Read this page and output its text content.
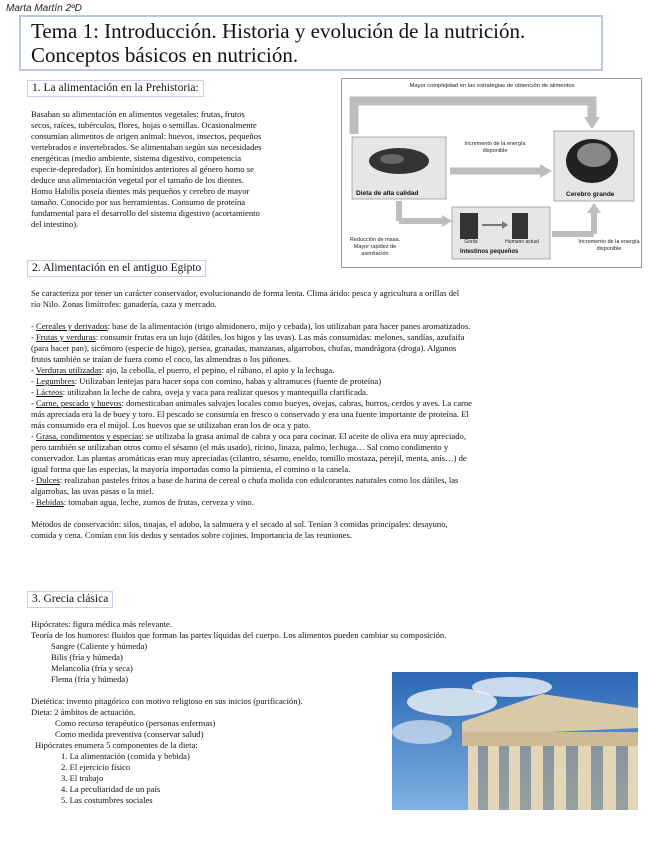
Marta Martín 2ºD
Tema 1: Introducción. Historia y evolución de la nutrición.
Conceptos básicos en nutrición.
1. La alimentación en la Prehistoria:

Basaban su alimentación en alimentos vegetales: frutas, frutos

secos, raíces, tubérculos, flores, hojas o semillas. Ocasionalmente

consumían alimentos de origen animal: huevos, insectos, pequeños

vertebrados e invertebrados. Se alimentaban según sus necesidades

energéticas (medio ambiente, sistema digestivo, competencia

especie-depredador). En homínidos anteriores al género homo se

deduce una alimentación vegetal por el tamaño de los dientes.

Homo Habilis poseía dientes más pequeños y cerebro de mayor

tamaño. Conocido por sus herramientas. Consumo de proteína

fundamental para el desarrollo del sistema digestivo (acortamiento

del intestino).

Mayor complejidad en las estrategias de obtención de alimentos
Dieta de alta calidad	Cerebro grande
Incremento de la energía disponible
Reducción de masa. Mayor rapidez de asimilación
Gorila	Humano actual
Intestinos pequeños
Incremento de la energía disponible
2. Alimentación en el antiguo Egipto

Se caracteriza por tener un carácter conservador, evolucionando de forma lenta. Clima árido: pesca y agricultura a orillas del

río Nilo. Zonas limítrofes: ganadería, caza y mercado.

- Cereales y derivados: base de la alimentación (trigo almidonero, mijo y cebada), los utilizaban para hacer panes aromatizados.

- Frutas y verduras: consumir frutas era un lujo (dátiles, los higos y las uvas). Las más consumidas: melones, sandías, azufaifa

(para hacer pan), sicómoro (especie de higo), persea, granadas, manzanas, algarrobos, chufas, mandrágora (droga). Algunos

frutos también se traían de fuera como el coco, las almendras o los piñones.

- Verduras utilizadas: ajo, la cebolla, el puerro, el pepino, el rábano, el apio y la lechuga.

- Legumbres: Utilizaban lentejas para hacer sopa con comino, habas y altramuces (fuente de proteína)

- Lácteos: utilizaban la leche de cabra, oveja y vaca para realizar quesos y mantequilla clarificada.

- Carne, pescado y huevos: domesticaban animales salvajes locales como bueyes, ovejas, cabras, burros, cerdos y aves. La carne

más apreciada era la de buey y toro. El pescado se consumía en fresco o conservado y era una fuente importante de proteína. El

más consumido era el mújol. Los huevos que se utilizaban eran los de oca y pato.

- Grasa, condimentos y especias: se utilizaba la grasa animal de cabra y oca para cocinar. El aceite de oliva era muy apreciado,

pero también se utilizaban otros como el sésamo (el más usado), ricino, linaza, palmo, lechuga… Sal como condimento y

conservador. Las plantas aromáticas eran muy apreciadas (cilantro, sésamo, eneldo, tomillo mostaza, perejil, menta, anís…) de

igual forma que las especias, la mayoría importadas como la pimienta, el comino o la canela.

- Dulces: realizaban pasteles fritos a base de harina de cereal o chufa molida con edulcorantes naturales como los dátiles, las

algarrobas, las uvas pasas o la miel.

- Bebidas: tomaban agua, leche, zumos de frutas, cerveza y vino.

Métodos de conservación: silos, tinajas, el adobo, la salmuera y el secado al sol. Tenían 3 comidas principales: desayuno,

comida y cena. Comían con los dedos y sentados sobre cojines. Importancia de las reuniones.

3. Grecia clásica

Hipócrates: figura médica más relevante.

Teoría de los humores: fluidos que forman las partes líquidas del cuerpo. Los alimentos pueden cambiar su composición.

Sangre (Caliente y húmeda)

Bilis (fría y húmeda)

Melancolía (fría y seca)

Flema (fría y húmeda)

Dietética: invento pitagórico con motivo religioso en sus inicios (purificación).

Dieta: 2 ámbitos de actuación.

Como recurso terapéutico (personas enfermas)

Como medida preventiva (conservar salud)

Hipócrates enumera 5 componentes de la dieta:

1. La alimentación (comida y bebida)

2. El ejercicio físico

3. El trabajo

4. La peculiaridad de un país

5. Las costumbres sociales
